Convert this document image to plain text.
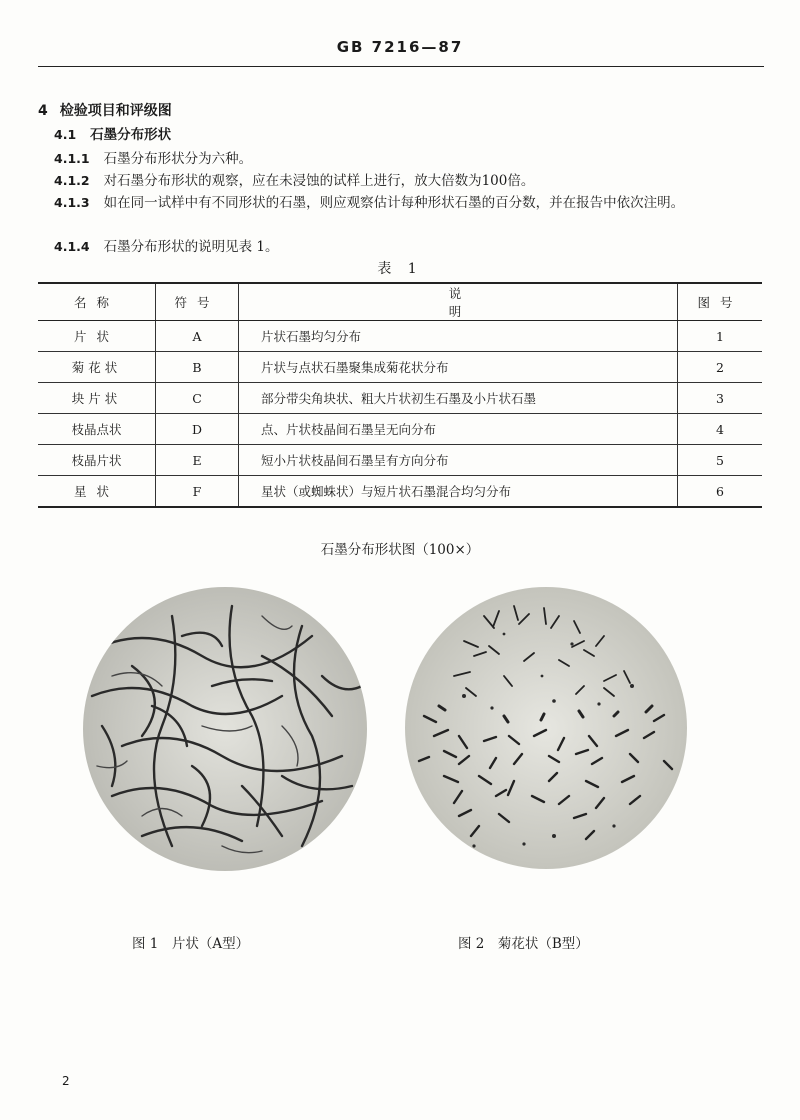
GB 7216—87
4 检验项目和评级图
4.1 石墨分布形状
4.1.1 石墨分布形状分为六种。
4.1.2 对石墨分布形状的观察，应在未浸蚀的试样上进行，放大倍数为100倍。
4.1.3 如在同一试样中有不同形状的石墨，则应观察估计每种形状石墨的百分数，并在报告中依次注明。
4.1.4 石墨分布形状的说明见表 1。
表 1
名称	符号	说明	图号
片状	A	片状石墨均匀分布	1
菊花状	B	片状与点状石墨聚集成菊花状分布	2
块片状	C	部分带尖角块状、粗大片状初生石墨及小片状石墨	3
枝晶点状	D	点、片状枝晶间石墨呈无向分布	4
枝晶片状	E	短小片状枝晶间石墨呈有方向分布	5
星状	F	星状（或蜘蛛状）与短片状石墨混合均匀分布	6
石墨分布形状图（100×）
图 1　片状（A型）	图 2　菊花状（B型）
2
